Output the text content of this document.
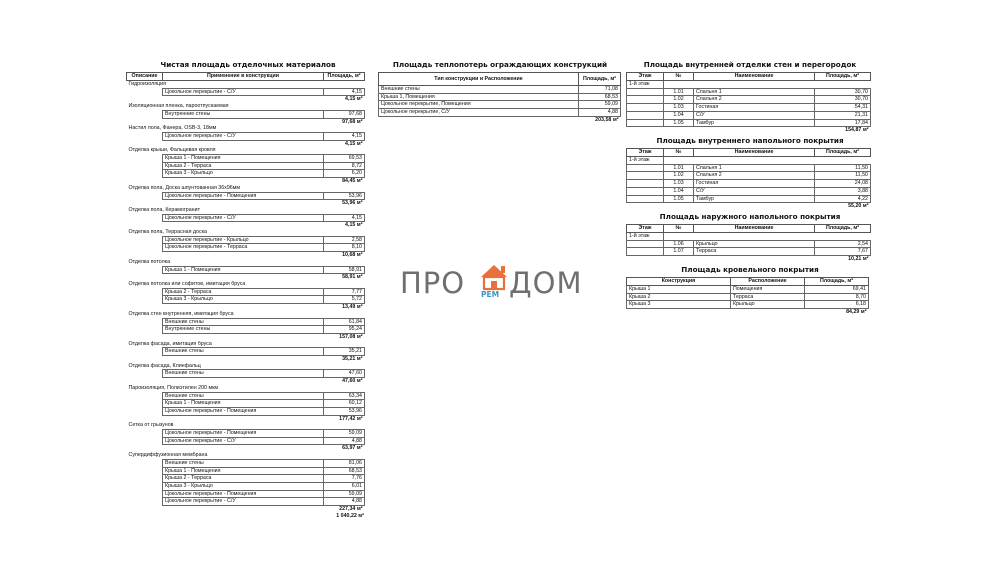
Чистая площадь отделочных материалов
Описание	Применение в конструкции	Площадь, м²
Гидроизоляция		
	Цокольное перекрытие - С/У	4,15
		4,15 м²
Изоляционная пленка, пароотпускаемая		
	Внутренние стены	97,68
		97,68 м²
Настил пола, Фанера, OSB-3, 18мм		
	Цокольное перекрытие - С/У	4,15
		4,15 м²
Отделка крыши, Фальцевая кровля		
	Крыша 1 - Помещения	69,53
	Крыша 2 - Терраса	8,72
	Крыша 3 - Крыльцо	6,20
		84,45 м²
Отделка пола, Доска шпунтованная 36х96мм		
	Цокольное перекрытие - Помещения	53,96
		53,96 м²
Отделка пола, Керамогранит		
	Цокольное перекрытие - С/У	4,15
		4,15 м²
Отделка пола, Террасная доска		
	Цокольное перекрытие - Крыльцо	2,58
	Цокольное перекрытие - Терраса	8,10
		10,68 м²
Отделка потолка		
	Крыша 1 - Помещения	58,91
		58,91 м²
Отделка потолка или софитов, имитация бруса		
	Крыша 2 - Терраса	7,77
	Крыша 3 - Крыльцо	5,72
		13,49 м²
Отделка стен внутренняя, имитация бруса		
	Внешние стены	61,84
	Внутренние стены	95,24
		157,08 м²
Отделка фасада, имитация бруса		
	Внешние стены	35,21
		35,21 м²
Отделка фасада, Клинфальц		
	Внешние стены	47,60
		47,60 м²
Пароизоляция, Полиэтилен 200 мкм		
	Внешние стены	63,34
	Крыша 1 - Помещения	60,12
	Цокольное перекрытие - Помещения	53,96
		177,42 м²
Сетка от грызунов		
	Цокольное перекрытие - Помещения	59,09
	Цокольное перекрытие - С/У	4,88
		63,97 м²
Супердиффузионная мембрана		
	Внешние стены	81,06
	Крыша 1 - Помещения	68,53
	Крыша 2 - Терраса	7,76
	Крыша 3 - Крыльцо	6,01
	Цокольное перекрытие - Помещения	59,09
	Цокольное перекрытие - С/У	4,88
		227,34 м²
1 040,22 м²
Площадь теплопотерь ограждающих конструкций
Тип конструкции и Расположение	Площадь, м²
Внешние стены	71,08
Крыша 1, Помещения	68,53
Цокольное перекрытие, Помещения	59,09
Цокольное перекрытие, С/У	4,88
	203,58 м²
Площадь внутренней отделки стен и перегородок
Этаж	№	Наименование	Площадь, м²
1-й этаж			
	1.01	Спальня 1	30,70
	1.02	Спальня 2	30,70
	1.03	Гостиная	54,31
	1.04	С/У	21,31
	1.05	Тамбур	17,84
			154,87 м²
Площадь внутреннего напольного покрытия
Этаж	№	Наименование	Площадь, м²
1-й этаж			
	1.01	Спальня 1	11,50
	1.02	Спальня 2	11,50
	1.03	Гостиная	24,08
	1.04	С/У	3,88
	1.05	Тамбур	4,22
			55,20 м²
Площадь наружного напольного покрытия
Этаж	№	Наименование	Площадь, м²
1-й этаж			
	1.06	Крыльцо	2,54
	1.07	Терраса	7,67
			10,21 м²
Площадь кровельного покрытия
Конструкция	Расположение	Площадь, м²
Крыша 1	Помещения	69,41
Крыша 2	Терраса	8,70
Крыша 3	Крыльцо	6,18
		84,29 м²
ПРО РЕМ ДОМ
